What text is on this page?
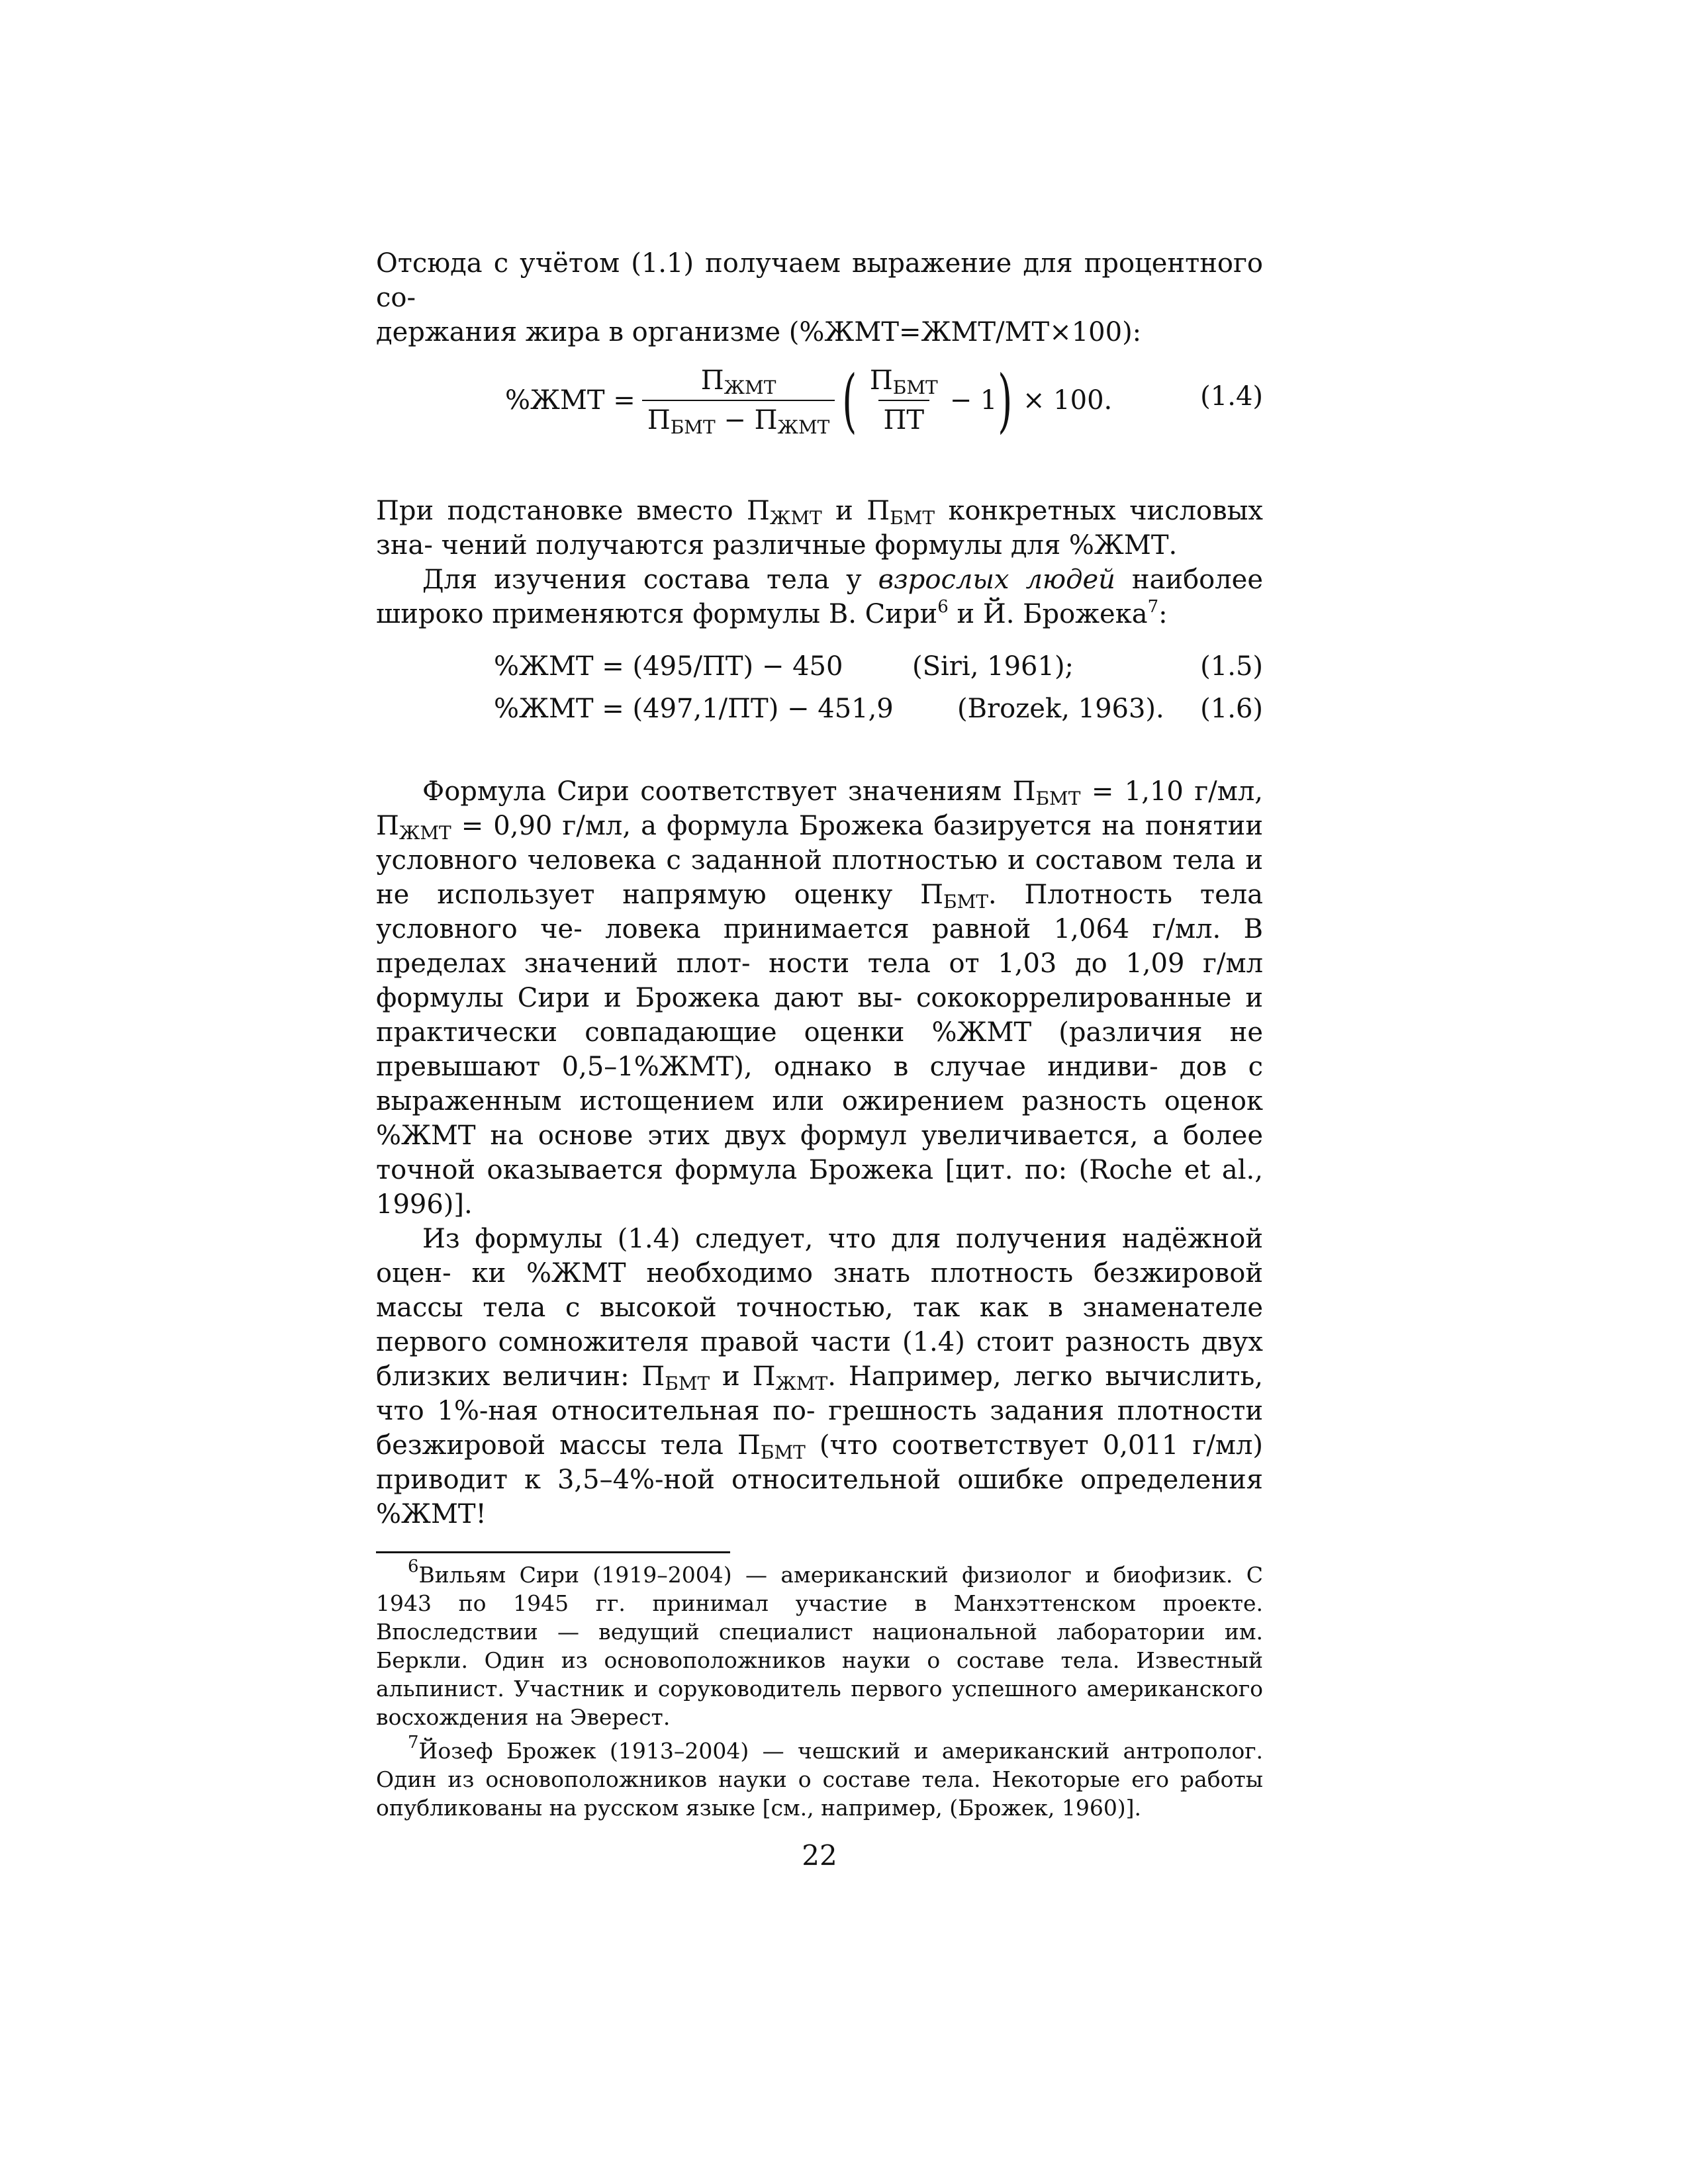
Отсюда с учётом (1.1) получаем выражение для процентного со-

держания жира в организме (%ЖМТ=ЖМТ/МТ×100):

$\%ЖМТ = \frac{П_{ЖМТ}}{П_{БМТ} - П_{ЖМТ}}$ ( $\frac{П_{БМТ}}{ПТ} - 1$ ) × 100.	(1.4)

При подстановке вместо $П_{ЖМТ}$ и $П_{БМТ}$ конкретных числовых зна- чений получаются различные формулы для %ЖМТ.

Для изучения состава тела у взрослых людей наиболее широко применяются формулы В. Сири$^6$ и Й. Брожека$^7$:

%ЖМТ = (495/ПТ) − 450	(Siri, 1961);	(1.5)
%ЖМТ = (497,1/ПТ) − 451,9 (Brozek, 1963). (1.6)

Формула Сири соответствует значениям $П_{БМТ} = 1,10$ г/мл, $П_{ЖМТ} = 0,90$ г/мл, а формула Брожека базируется на понятии условного человека с заданной плотностью и составом тела и не использует напрямую оценку $П_{БМТ}$. Плотность тела условного че- ловека принимается равной 1,064 г/мл. В пределах значений плот- ности тела от 1,03 до 1,09 г/мл формулы Сири и Брожека дают вы- сококоррелированные и практически совпадающие оценки %ЖМТ (различия не превышают 0,5–1%ЖМТ), однако в случае индиви- дов с выраженным истощением или ожирением разность оценок %ЖМТ на основе этих двух формул увеличивается, а более точной оказывается формула Брожека [цит. по: (Roche et al., 1996)].

Из формулы (1.4) следует, что для получения надёжной оцен- ки %ЖМТ необходимо знать плотность безжировой массы тела с высокой точностью, так как в знаменателе первого сомножителя правой части (1.4) стоит разность двух близких величин: $П_{БМТ}$ и $П_{ЖМТ}$. Например, легко вычислить, что 1%-ная относительная по- грешность задания плотности безжировой массы тела $П_{БМТ}$ (что соответствует 0,011 г/мл) приводит к 3,5–4%-ной относительной ошибке определения %ЖМТ!

$^6$Вильям Сири (1919–2004) — американский физиолог и биофизик. С 1943 по 1945 гг. принимал участие в Манхэттенском проекте. Впоследствии — ведущий специалист национальной лаборатории им. Беркли. Один из основоположников науки о составе тела. Известный альпинист. Участник и соруководитель первого успешного американского восхождения на Эверест.

$^7$Йозеф Брожек (1913–2004) — чешский и американский антрополог. Один из основоположников науки о составе тела. Некоторые его работы опубликованы на русском языке [см., например, (Брожек, 1960)].

22
